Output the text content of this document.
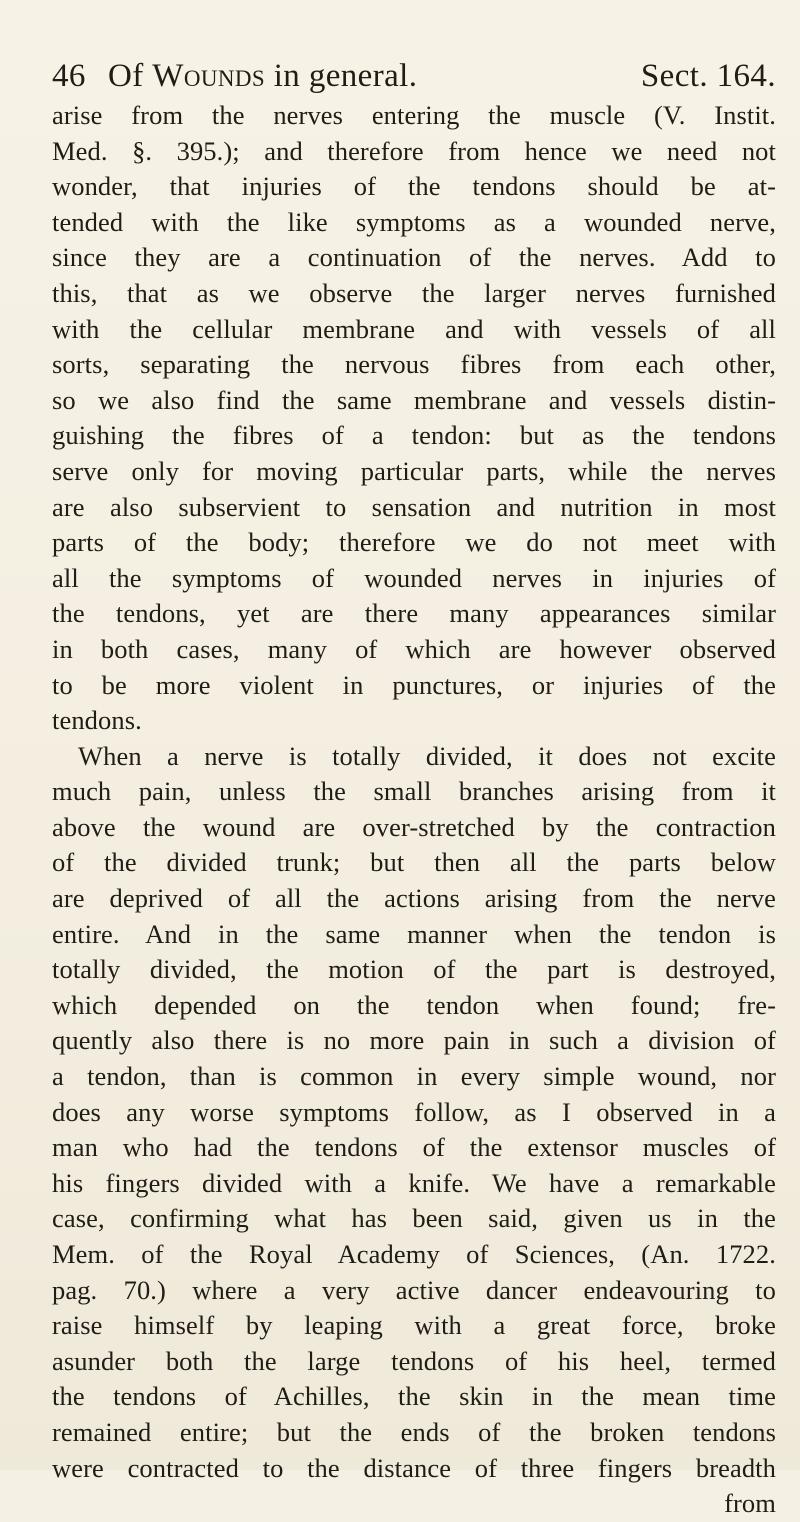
46 Of Wounds in general.	Sect. 164.
arise from the nerves entering the muscle (V. Instit.
Med. §. 395.); and therefore from hence we need not
wonder, that injuries of the tendons should be at-
tended with the like symptoms as a wounded nerve,
since they are a continuation of the nerves. Add to
this, that as we observe the larger nerves furnished
with the cellular membrane and with vessels of all
sorts, separating the nervous fibres from each other,
so we also find the same membrane and vessels distin-
guishing the fibres of a tendon: but as the tendons
serve only for moving particular parts, while the nerves
are also subservient to sensation and nutrition in most
parts of the body; therefore we do not meet with
all the symptoms of wounded nerves in injuries of
the tendons, yet are there many appearances similar
in both cases, many of which are however observed
to be more violent in punctures, or injuries of the
tendons.
When a nerve is totally divided, it does not excite
much pain, unless the small branches arising from it
above the wound are over-stretched by the contraction
of the divided trunk; but then all the parts below
are deprived of all the actions arising from the nerve
entire. And in the same manner when the tendon is
totally divided, the motion of the part is destroyed,
which depended on the tendon when found; fre-
quently also there is no more pain in such a division of
a tendon, than is common in every simple wound, nor
does any worse symptoms follow, as I observed in a
man who had the tendons of the extensor muscles of
his fingers divided with a knife. We have a remarkable
case, confirming what has been said, given us in the
Mem. of the Royal Academy of Sciences, (An. 1722.
pag. 70.) where a very active dancer endeavouring to
raise himself by leaping with a great force, broke
asunder both the large tendons of his heel, termed
the tendons of Achilles, the skin in the mean time
remained entire; but the ends of the broken tendons
were contracted to the distance of three fingers breadth
from
